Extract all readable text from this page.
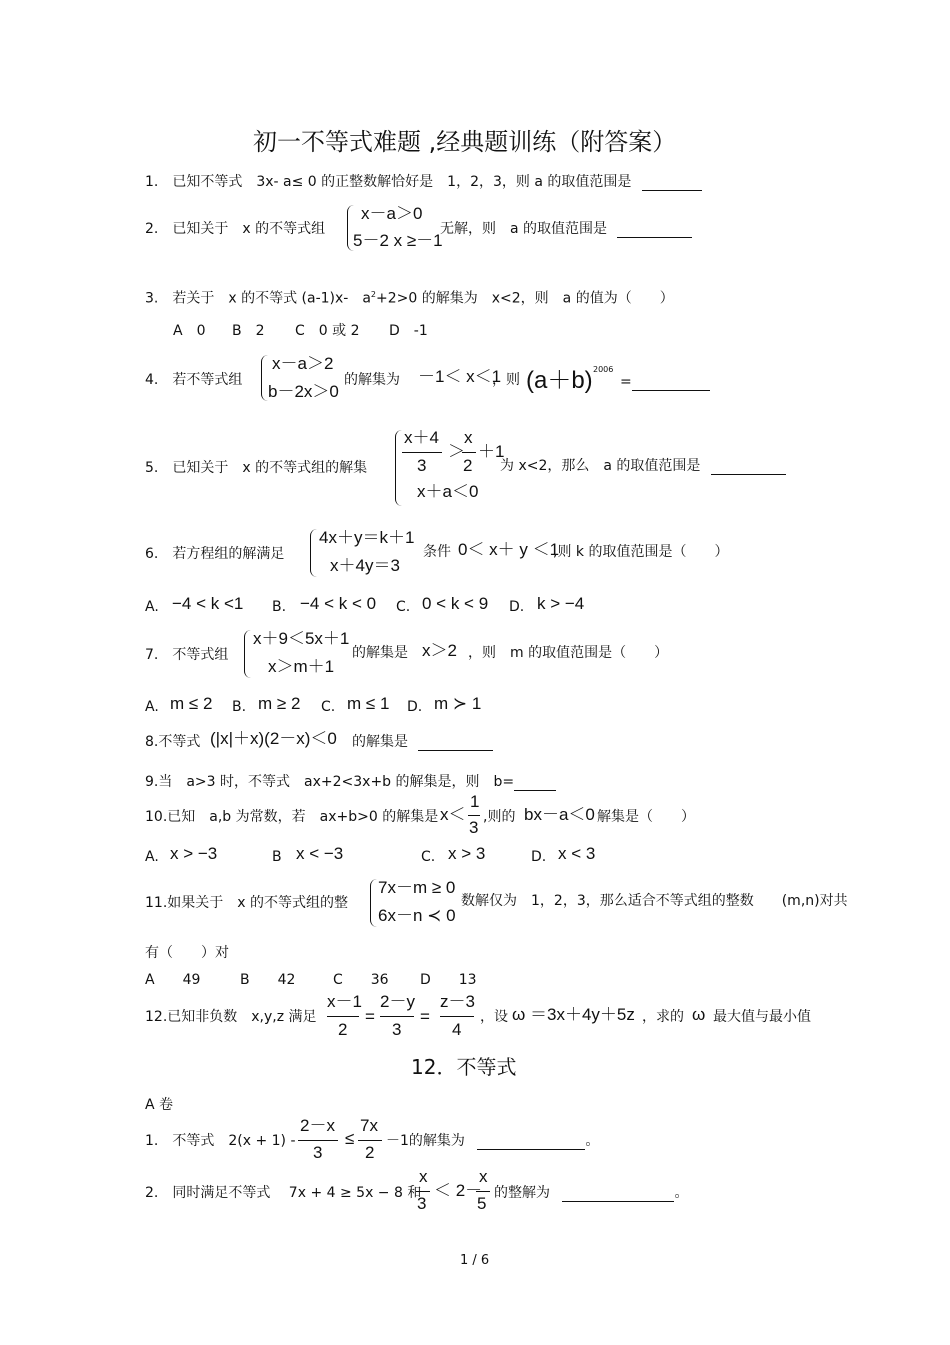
初一不等式难题 ,经典题训练（附答案）
1.　已知不等式　3x- a≤ 0 的正整数解恰好是　1，2，3，则 a 的取值范围是
2.　已知关于　x 的不等式组
x－a＞0
5－2 x ≥－1
无解，则　a 的取值范围是
3.　若关于　x 的不等式 (a-1)x-　$a^2+2>0$ 的解集为　x<2，则　a 的值为（　　）
A　0 B　2 C　0 或 2 D　-1
4.　若不等式组
x－a＞2
b－2x＞0
的解集为 －1＜ x＜1
，则 (a＋b) 2006
=
5.　已知关于　x 的不等式组的解集
x＋4
3
＞
x
2
＋1
x＋a＜0
为 x<2，那么　a 的取值范围是
6.　若方程组的解满足
4x＋y＝k＋1
x＋4y＝3
条件 0＜ x＋ y ＜1
,则 k 的取值范围是（　　）
A. −4 < k <1 B. −4 < k < 0 C. 0 < k < 9 D. k > −4
7.　不等式组
x＋9＜5x＋1
x＞m＋1
的解集是 x＞2 ，则　m 的取值范围是（　　）
A. m ≤ 2 B. m ≥ 2 C. m ≤ 1 D. m ≻ 1
8.不等式 (|x|＋x)(2－x)＜0 的解集是
9.当　a>3 时，不等式　ax+2<3x+b 的解集是，则　b=
10.已知　a,b 为常数，若　ax+b>0 的解集是 x＜
1
3
,则的 bx－a＜0 解集是（　　）
A. x > −3	B x < −3	C. x > 3	D. x < 3
11.如果关于　x 的不等式组的整
7x－m ≥ 0
6x－n ≺ 0
数解仅为　1，2，3，那么适合不等式组的整数　　(m,n)对共
有（　　）对
A　　49	B　　42	C　　36 D　　13
12.已知非负数　x,y,z 满足
x－1
2
=
2－y
3
=
z－3
4
，设 ω ＝3x＋4y＋5z ，求的 ω 最大值与最小值
12．不等式
A 卷
1.　不等式　2(x + 1) -
2－x
3
≤
7x
2
－1的解集为	。
2.　同时满足不等式　 7x + 4 ≥ 5x − 8 和
x
3
＜ 2－
x
5
的整解为	。
1 / 6
